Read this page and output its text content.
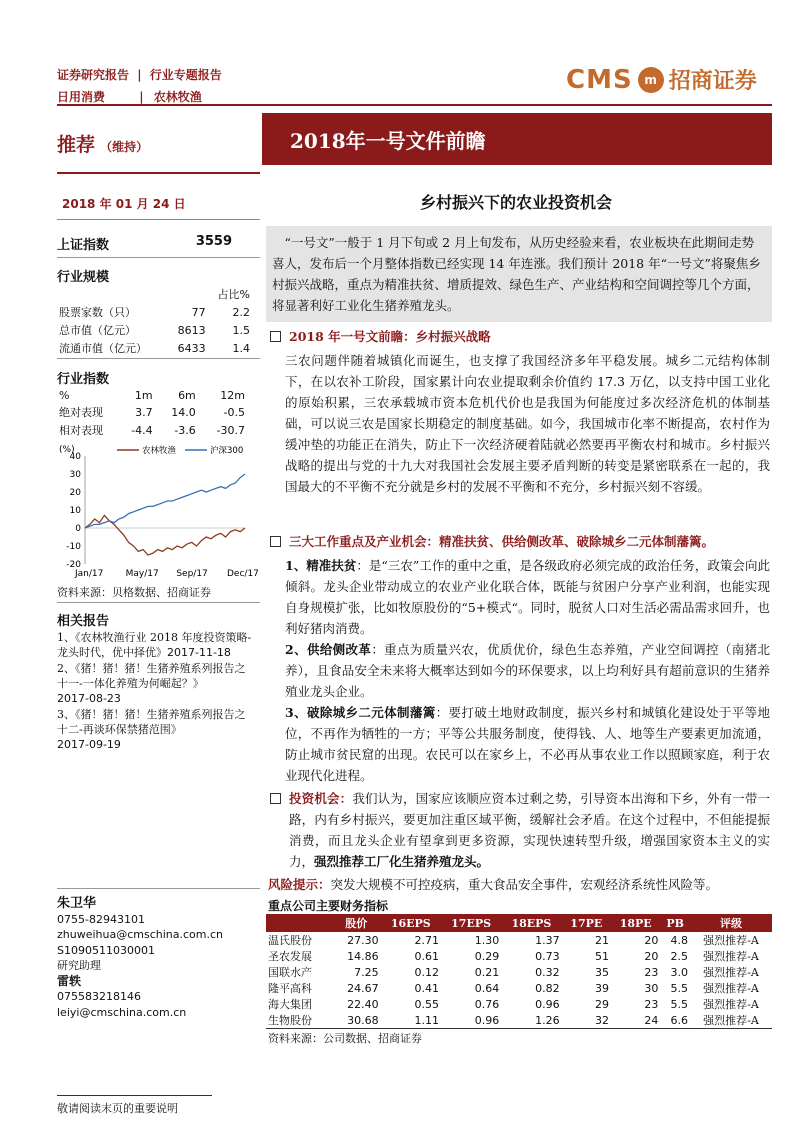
证券研究报告 | 行业专题报告
日用消费	| 农林牧渔
CMS m 招商证券
推荐 （维持）	2018年一号文件前瞻
2018 年 01 月 24 日	乡村振兴下的农业投资机会
上证指数	3559
行业规模
		占比%
股票家数（只）	77	2.2
总市值（亿元）	8613	1.5
流通市值（亿元）	6433	1.4
行业指数
%	1m	6m	12m
绝对表现	3.7	14.0	-0.5
相对表现	-4.4	-3.6	-30.7
(%)
40
30
20
10
0
-10
-20
Jan/17 May/17 Sep/17 Dec/17
农林牧渔	沪深300
资料来源：贝格数据、招商证券
相关报告
1、《农林牧渔行业 2018 年度投资策略-龙头时代，优中择优》2017-11-18
2、《猪！猪！猪！生猪养殖系列报告之十一-一体化养殖为何崛起？》
2017-08-23
3、《猪！猪！猪！生猪养殖系列报告之十二-再谈环保禁猪范围》
2017-09-19
朱卫华
0755-82943101
zhuweihua@cmschina.com.cn
S1090511030001
研究助理
雷轶
075583218146
leiyi@cmschina.com.cn
敬请阅读末页的重要说明
“一号文”一般于 1 月下旬或 2 月上旬发布，从历史经验来看，农业板块在此期间走势喜人，发布后一个月整体指数已经实现 14 年连涨。我们预计 2018 年“一号文”将聚焦乡村振兴战略，重点为精准扶贫、增质提效、绿色生产、产业结构和空间调控等几个方面，将显著利好工业化生猪养殖龙头。
2018 年一号文前瞻：乡村振兴战略
三农问题伴随着城镇化而诞生，也支撑了我国经济多年平稳发展。城乡二元结构体制下，在以农补工阶段，国家累计向农业提取剩余价值约 17.3 万亿，以支持中国工业化的原始积累，三农承载城市资本危机代价也是我国为何能度过多次经济危机的体制基础，可以说三农是国家长期稳定的制度基础。如今，我国城市化率不断提高，农村作为缓冲垫的功能正在消失，防止下一次经济硬着陆就必然要再平衡农村和城市。乡村振兴战略的提出与党的十九大对我国社会发展主要矛盾判断的转变是紧密联系在一起的，我国最大的不平衡不充分就是乡村的发展不平衡和不充分，乡村振兴刻不容缓。
三大工作重点及产业机会：精准扶贫、供给侧改革、破除城乡二元体制藩篱。
1、精准扶贫：是“三农”工作的重中之重，是各级政府必须完成的政治任务，政策会向此倾斜。龙头企业带动成立的农业产业化联合体，既能与贫困户分享产业利润，也能实现自身规模扩张，比如牧原股份的“5+模式“。同时，脱贫人口对生活必需品需求回升，也利好猪肉消费。
2、供给侧改革：重点为质量兴农，优质优价，绿色生态养殖，产业空间调控（南猪北养），且食品安全未来将大概率达到如今的环保要求，以上均利好具有超前意识的生猪养殖业龙头企业。
3、破除城乡二元体制藩篱：要打破土地财政制度，振兴乡村和城镇化建设处于平等地位，不再作为牺牲的一方；平等公共服务制度，使得钱、人、地等生产要素更加流通，防止城市贫民窟的出现。农民可以在家乡上，不必再从事农业工作以照顾家庭，利于农业现代化进程。
投资机会：我们认为，国家应该顺应资本过剩之势，引导资本出海和下乡，外有一带一路，内有乡村振兴，要更加注重区域平衡，缓解社会矛盾。在这个过程中，不但能提振消费，而且龙头企业有望拿到更多资源，实现快速转型升级，增强国家资本主义的实力，强烈推荐工厂化生猪养殖龙头。
风险提示：突发大规模不可控疫病，重大食品安全事件，宏观经济系统性风险等。
重点公司主要财务指标
	股价	16EPS	17EPS	18EPS	17PE	18PE	PB	评级
温氏股份	27.30	2.71	1.30	1.37	21	20	4.8	强烈推荐-A
圣农发展	14.86	0.61	0.29	0.73	51	20	2.5	强烈推荐-A
国联水产	7.25	0.12	0.21	0.32	35	23	3.0	强烈推荐-A
隆平高科	24.67	0.41	0.64	0.82	39	30	5.5	强烈推荐-A
海大集团	22.40	0.55	0.76	0.96	29	23	5.5	强烈推荐-A
生物股份	30.68	1.11	0.96	1.26	32	24	6.6	强烈推荐-A
资料来源：公司数据、招商证券
